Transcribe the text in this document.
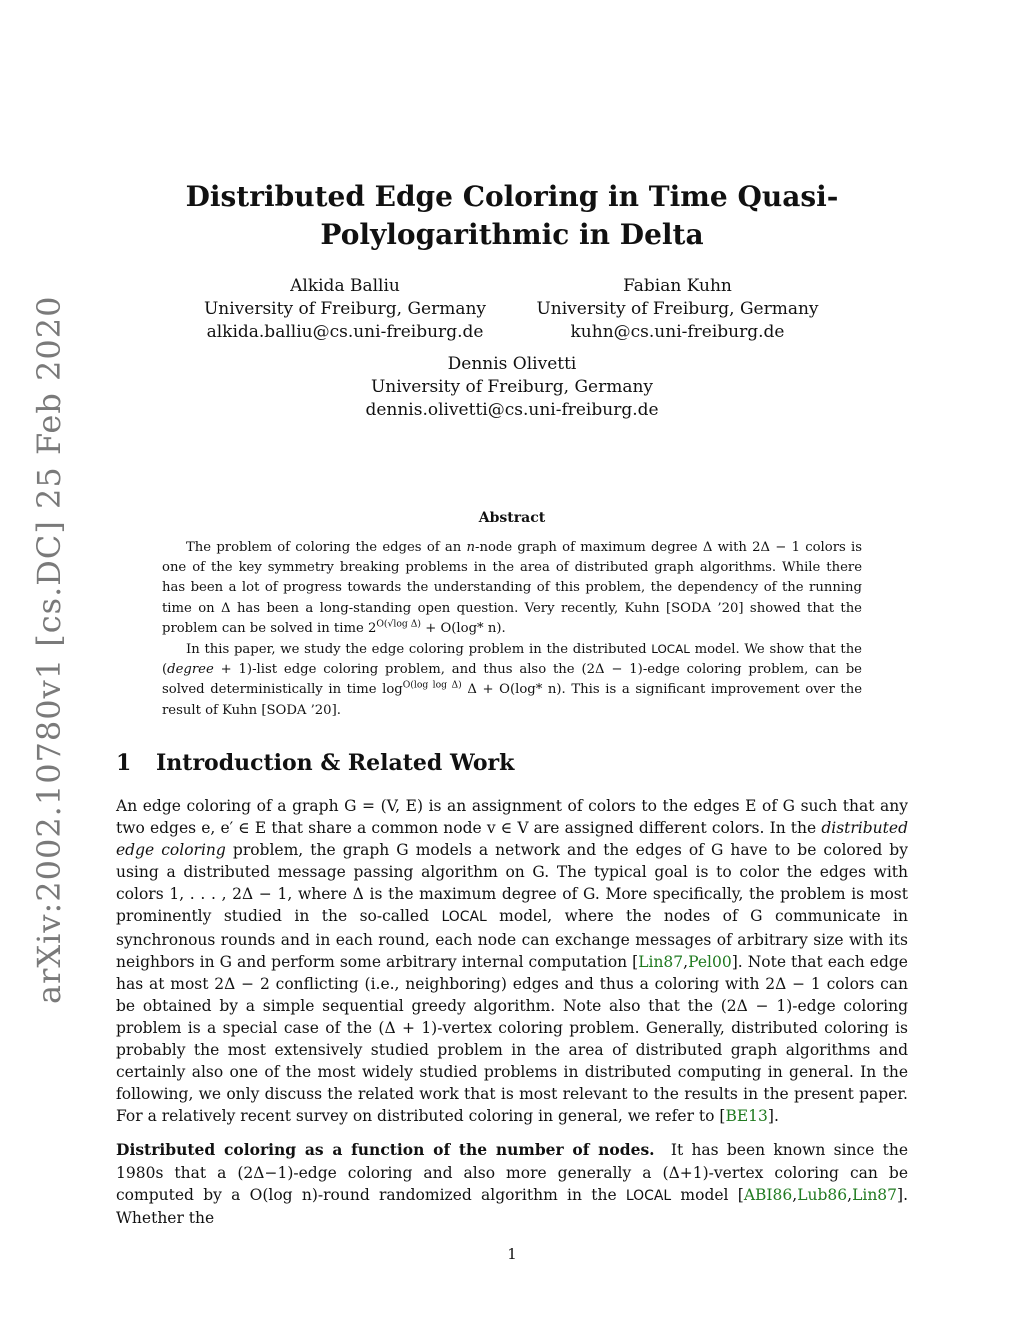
arXiv:2002.10780v1 [cs.DC] 25 Feb 2020
Distributed Edge Coloring in Time Quasi-Polylogarithmic in Delta
Alkida Balliu
University of Freiburg, Germany
alkida.balliu@cs.uni-freiburg.de
Fabian Kuhn
University of Freiburg, Germany
kuhn@cs.uni-freiburg.de
Dennis Olivetti
University of Freiburg, Germany
dennis.olivetti@cs.uni-freiburg.de
Abstract

The problem of coloring the edges of an n-node graph of maximum degree Δ with 2Δ − 1 colors is one of the key symmetry breaking problems in the area of distributed graph algorithms. While there has been a lot of progress towards the understanding of this problem, the dependency of the running time on Δ has been a long-standing open question. Very recently, Kuhn [SODA ’20] showed that the problem can be solved in time $2^{O(√log \Delta)} + O(\log*$ n).

In this paper, we study the edge coloring problem in the distributed LOCAL model. We show that the (degree + 1)-list edge coloring problem, and thus also the (2Δ − 1)-edge coloring problem, can be solved deterministically in time $\log^{O(log log \Delta)} \Delta + O(\log*$ n). This is a significant improvement over the result of Kuhn [SODA ’20].

1 Introduction & Related Work

An edge coloring of a graph G = (V, E) is an assignment of colors to the edges E of G such that any two edges e, e′ ∈ E that share a common node v ∈ V are assigned different colors. In the distributed edge coloring problem, the graph G models a network and the edges of G have to be colored by using a distributed message passing algorithm on G. The typical goal is to color the edges with colors 1, . . . , 2Δ − 1, where Δ is the maximum degree of G. More specifically, the problem is most prominently studied in the so-called LOCAL model, where the nodes of G communicate in synchronous rounds and in each round, each node can exchange messages of arbitrary size with its neighbors in G and perform some arbitrary internal computation [Lin87,Pel00]. Note that each edge has at most 2Δ − 2 conflicting (i.e., neighboring) edges and thus a coloring with 2Δ − 1 colors can be obtained by a simple sequential greedy algorithm. Note also that the (2Δ − 1)-edge coloring problem is a special case of the (Δ + 1)-vertex coloring problem. Generally, distributed coloring is probably the most extensively studied problem in the area of distributed graph algorithms and certainly also one of the most widely studied problems in distributed computing in general. In the following, we only discuss the related work that is most relevant to the results in the present paper. For a relatively recent survey on distributed coloring in general, we refer to [BE13].

Distributed coloring as a function of the number of nodes. It has been known since the 1980s that a (2Δ−1)-edge coloring and also more generally a (Δ+1)-vertex coloring can be computed by a O(log n)-round randomized algorithm in the LOCAL model [ABI86,Lub86,Lin87]. Whether the

1
